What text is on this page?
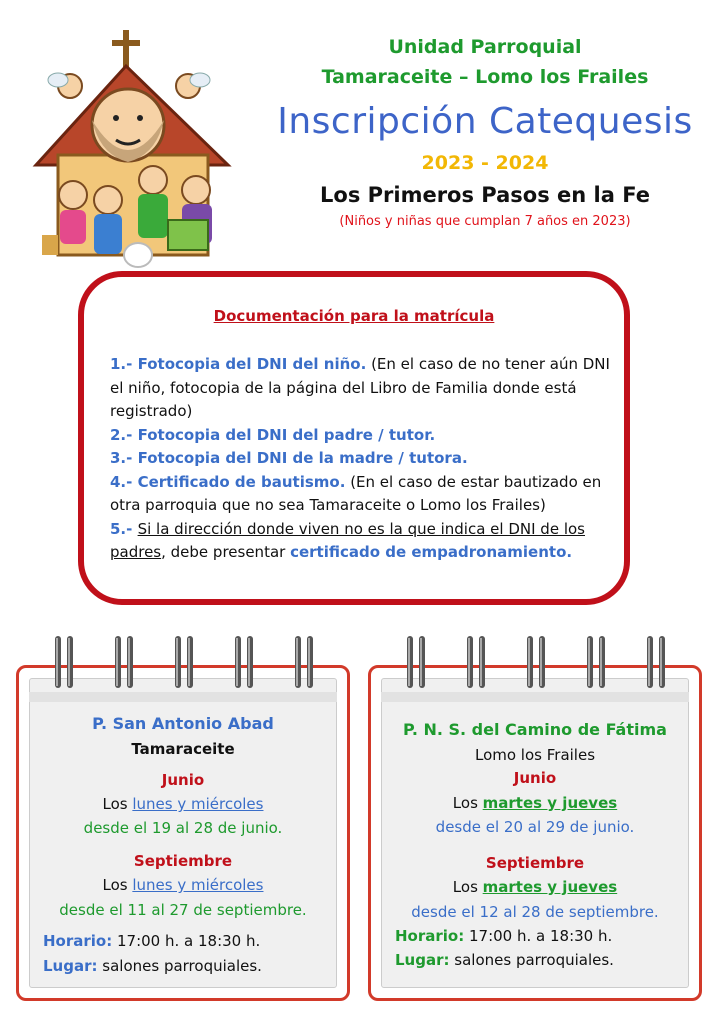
Unidad Parroquial
Tamaraceite – Lomo los Frailes
Inscripción Catequesis
2023 - 2024
Los Primeros Pasos en la Fe
(Niños y niñas que cumplan 7 años en 2023)
Documentación para la matrícula
1.- Fotocopia del DNI del niño. (En el caso de no tener aún DNI el niño, fotocopia de la página del Libro de Familia donde está registrado)
2.- Fotocopia del DNI del padre / tutor.
3.- Fotocopia del DNI de la madre / tutora.
4.- Certificado de bautismo. (En el caso de estar bautizado en otra parroquia que no sea Tamaraceite o Lomo los Frailes)
5.- Si la dirección donde viven no es la que indica el DNI de los padres, debe presentar certificado de empadronamiento.
P. San Antonio Abad
Tamaraceite
Junio
Los lunes y miércoles
desde el 19 al 28 de junio.
Septiembre
Los lunes y miércoles
desde el 11 al 27 de septiembre.
Horario: 17:00 h. a 18:30 h.
Lugar: salones parroquiales.
P. N. S. del Camino de Fátima
Lomo los Frailes
Junio
Los martes y jueves
desde el 20 al 29 de junio.
Septiembre
Los martes y jueves
desde el 12 al 28 de septiembre.
Horario: 17:00 h. a 18:30 h.
Lugar: salones parroquiales.
